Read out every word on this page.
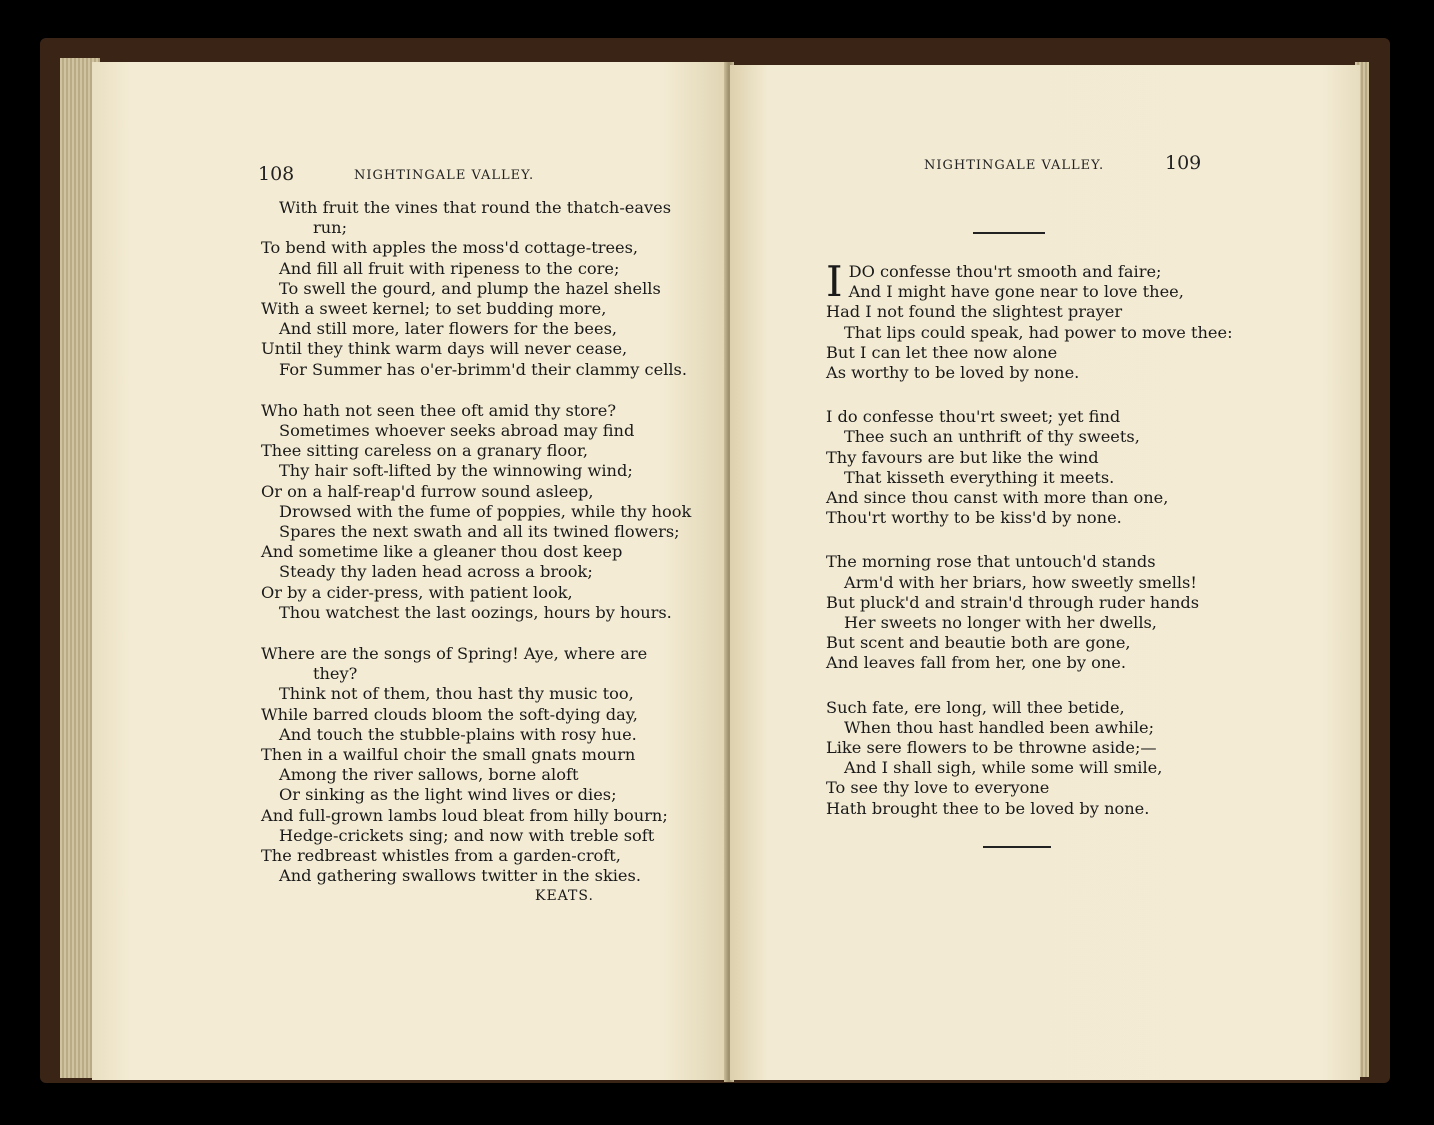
108	NIGHTINGALE VALLEY.
With fruit the vines that round the thatch-eaves
run;
To bend with apples the moss'd cottage-trees,
And fill all fruit with ripeness to the core;
To swell the gourd, and plump the hazel shells
With a sweet kernel; to set budding more,
And still more, later flowers for the bees,
Until they think warm days will never cease,
For Summer has o'er-brimm'd their clammy cells.
Who hath not seen thee oft amid thy store?
Sometimes whoever seeks abroad may find
Thee sitting careless on a granary floor,
Thy hair soft-lifted by the winnowing wind;
Or on a half-reap'd furrow sound asleep,
Drowsed with the fume of poppies, while thy hook
Spares the next swath and all its twined flowers;
And sometime like a gleaner thou dost keep
Steady thy laden head across a brook;
Or by a cider-press, with patient look,
Thou watchest the last oozings, hours by hours.
Where are the songs of Spring! Aye, where are
they?
Think not of them, thou hast thy music too,
While barred clouds bloom the soft-dying day,
And touch the stubble-plains with rosy hue.
Then in a wailful choir the small gnats mourn
Among the river sallows, borne aloft
Or sinking as the light wind lives or dies;
And full-grown lambs loud bleat from hilly bourn;
Hedge-crickets sing; and now with treble soft
The redbreast whistles from a garden-croft,
And gathering swallows twitter in the skies.
KEATS.
NIGHTINGALE VALLEY.	109
IDO confesse thou'rt smooth and faire;
And I might have gone near to love thee,
Had I not found the slightest prayer
That lips could speak, had power to move thee:
But I can let thee now alone
As worthy to be loved by none.
I do confesse thou'rt sweet; yet find
Thee such an unthrift of thy sweets,
Thy favours are but like the wind
That kisseth everything it meets.
And since thou canst with more than one,
Thou'rt worthy to be kiss'd by none.
The morning rose that untouch'd stands
Arm'd with her briars, how sweetly smells!
But pluck'd and strain'd through ruder hands
Her sweets no longer with her dwells,
But scent and beautie both are gone,
And leaves fall from her, one by one.
Such fate, ere long, will thee betide,
When thou hast handled been awhile;
Like sere flowers to be throwne aside;—
And I shall sigh, while some will smile,
To see thy love to everyone
Hath brought thee to be loved by none.
